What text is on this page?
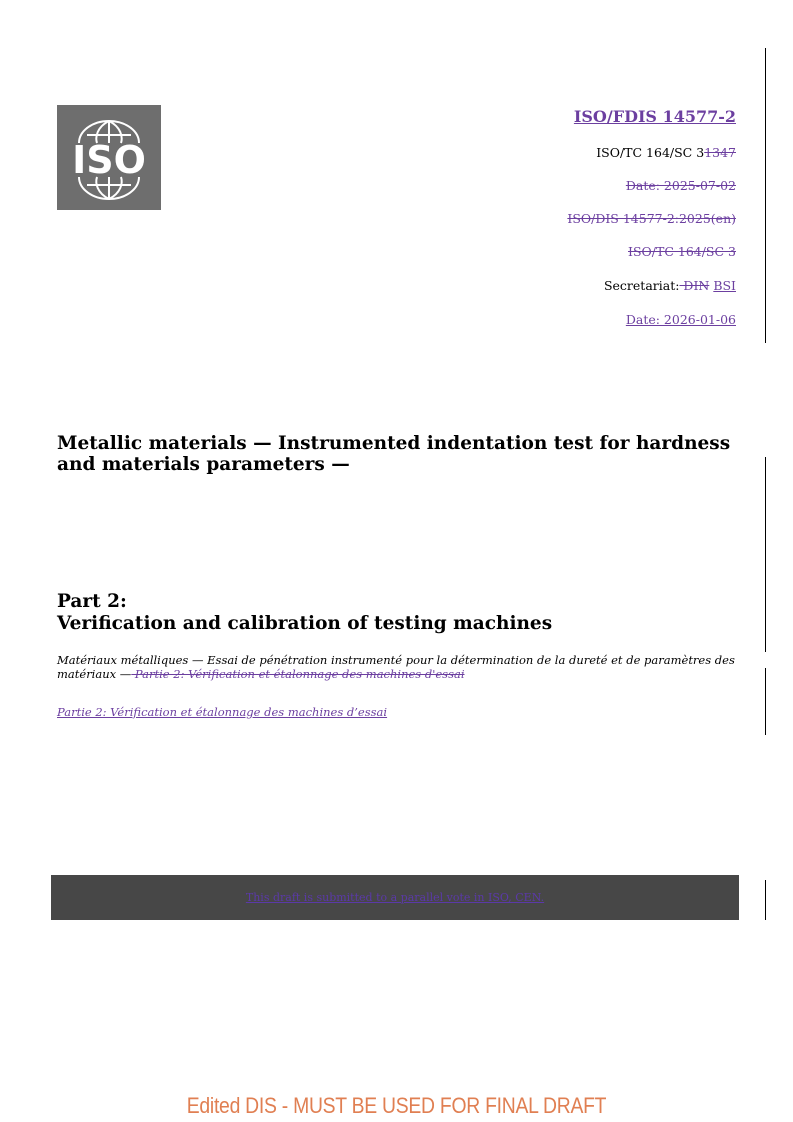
ISO
ISO/FDIS 14577-2
ISO/TC 164/SC 31347
Date: 2025-07-02
ISO/DIS 14577-2:2025(en)
ISO/TC 164/SC 3
Secretariat: DIN BSI
Date: 2026-01-06
Metallic materials — Instrumented indentation test for hardness and materials parameters —
Part 2:
Verification and calibration of testing machines
Matériaux métalliques — Essai de pénétration instrumenté pour la détermination de la dureté et de paramètres des matériaux — Partie 2: Vérification et étalonnage des machines d'essai
Partie 2: Vérification et étalonnage des machines d’essai
This draft is submitted to a parallel vote in ISO, CEN.
Edited DIS - MUST BE USED FOR FINAL DRAFT
